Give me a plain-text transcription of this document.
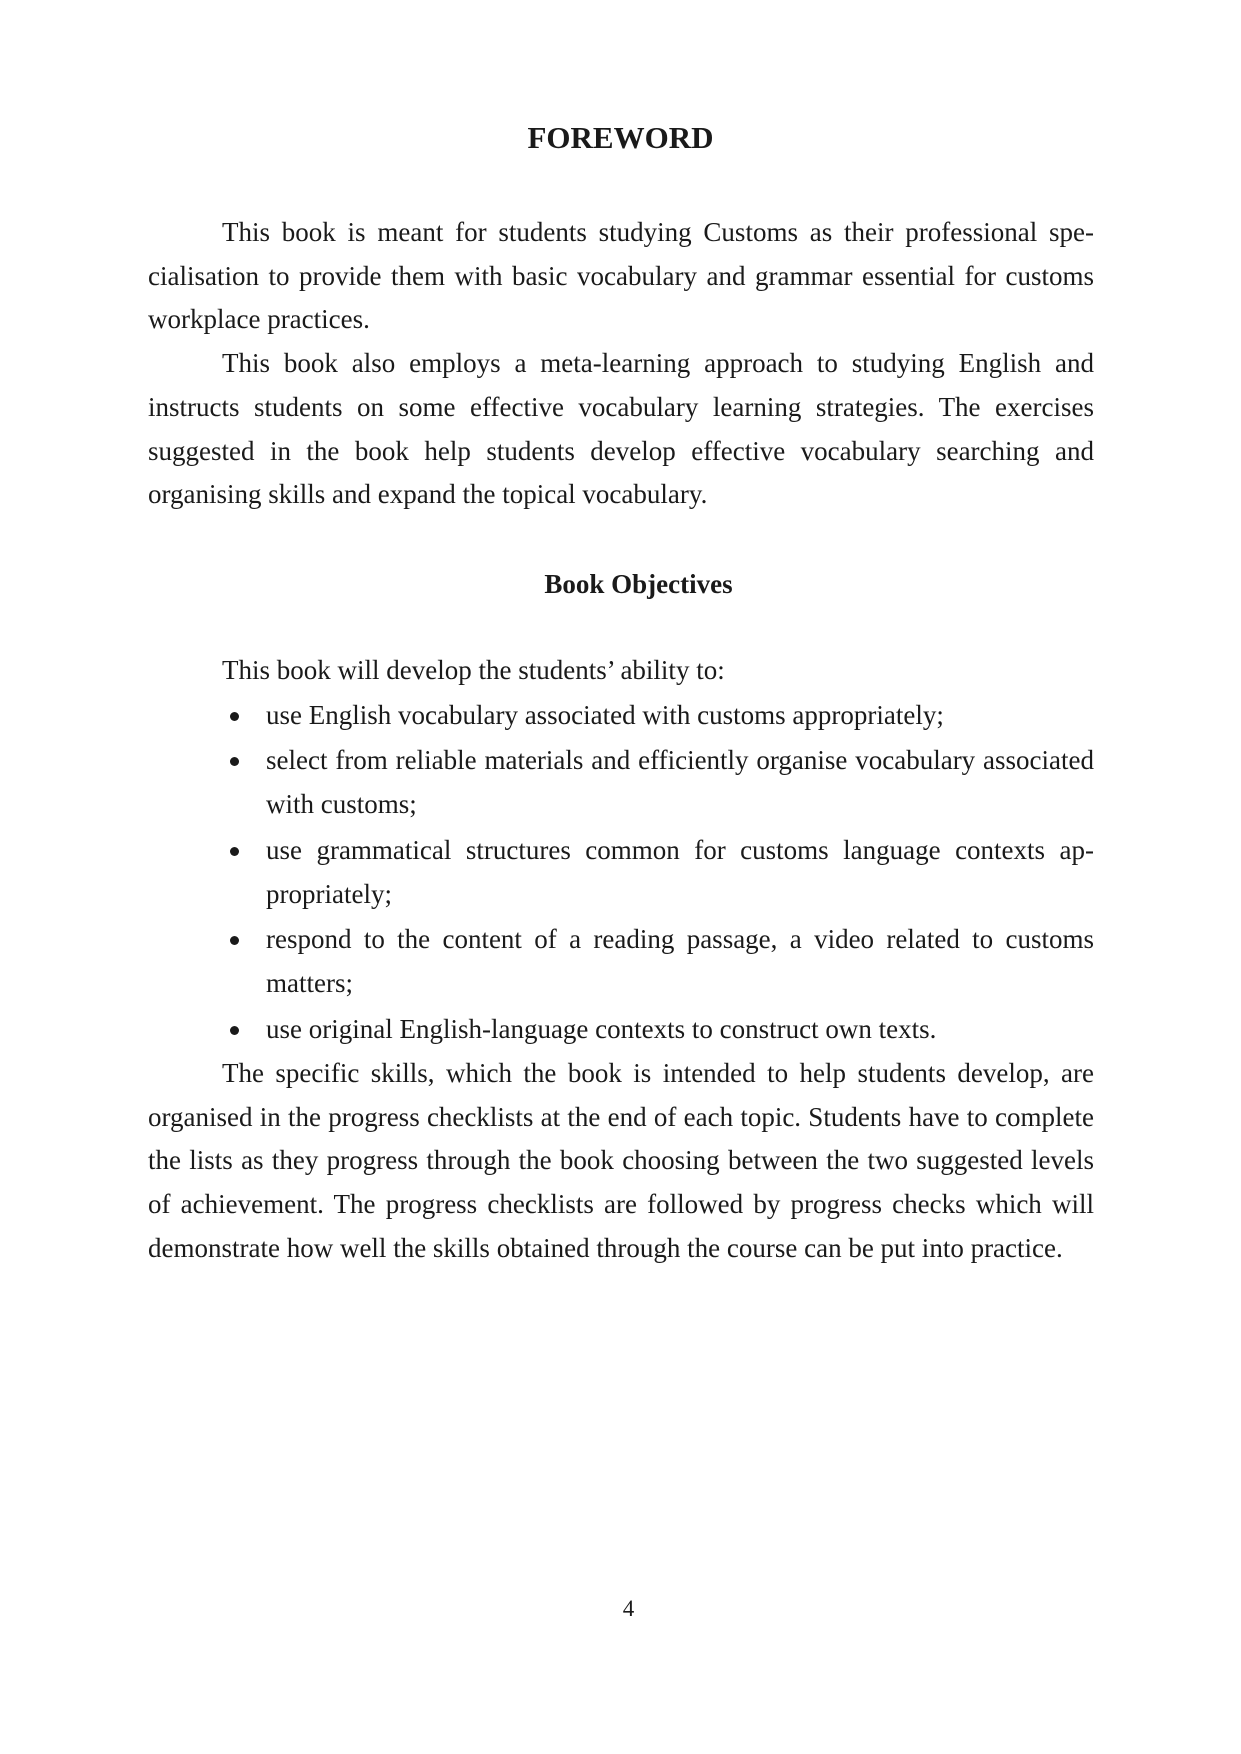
FOREWORD

This book is meant for students studying Customs as their professional specialisation to provide them with basic vocabulary and grammar essential for customs workplace practices.

This book also employs a meta-learning approach to studying English and instructs students on some effective vocabulary learning strategies. The exercises suggested in the book help students develop effective vocabulary searching and organising skills and expand the topical vocabulary.

Book Objectives

This book will develop the students’ ability to:

use English vocabulary associated with customs appropriately;
select from reliable materials and efficiently organise vocabulary associated with customs;
use grammatical structures common for customs language contexts appropriately;
respond to the content of a reading passage, a video related to customs matters;
use original English-language contexts to construct own texts.

The specific skills, which the book is intended to help students develop, are organised in the progress checklists at the end of each topic. Students have to complete the lists as they progress through the book choosing between the two suggested levels of achievement. The progress checklists are followed by progress checks which will demonstrate how well the skills obtained through the course can be put into practice.

4
